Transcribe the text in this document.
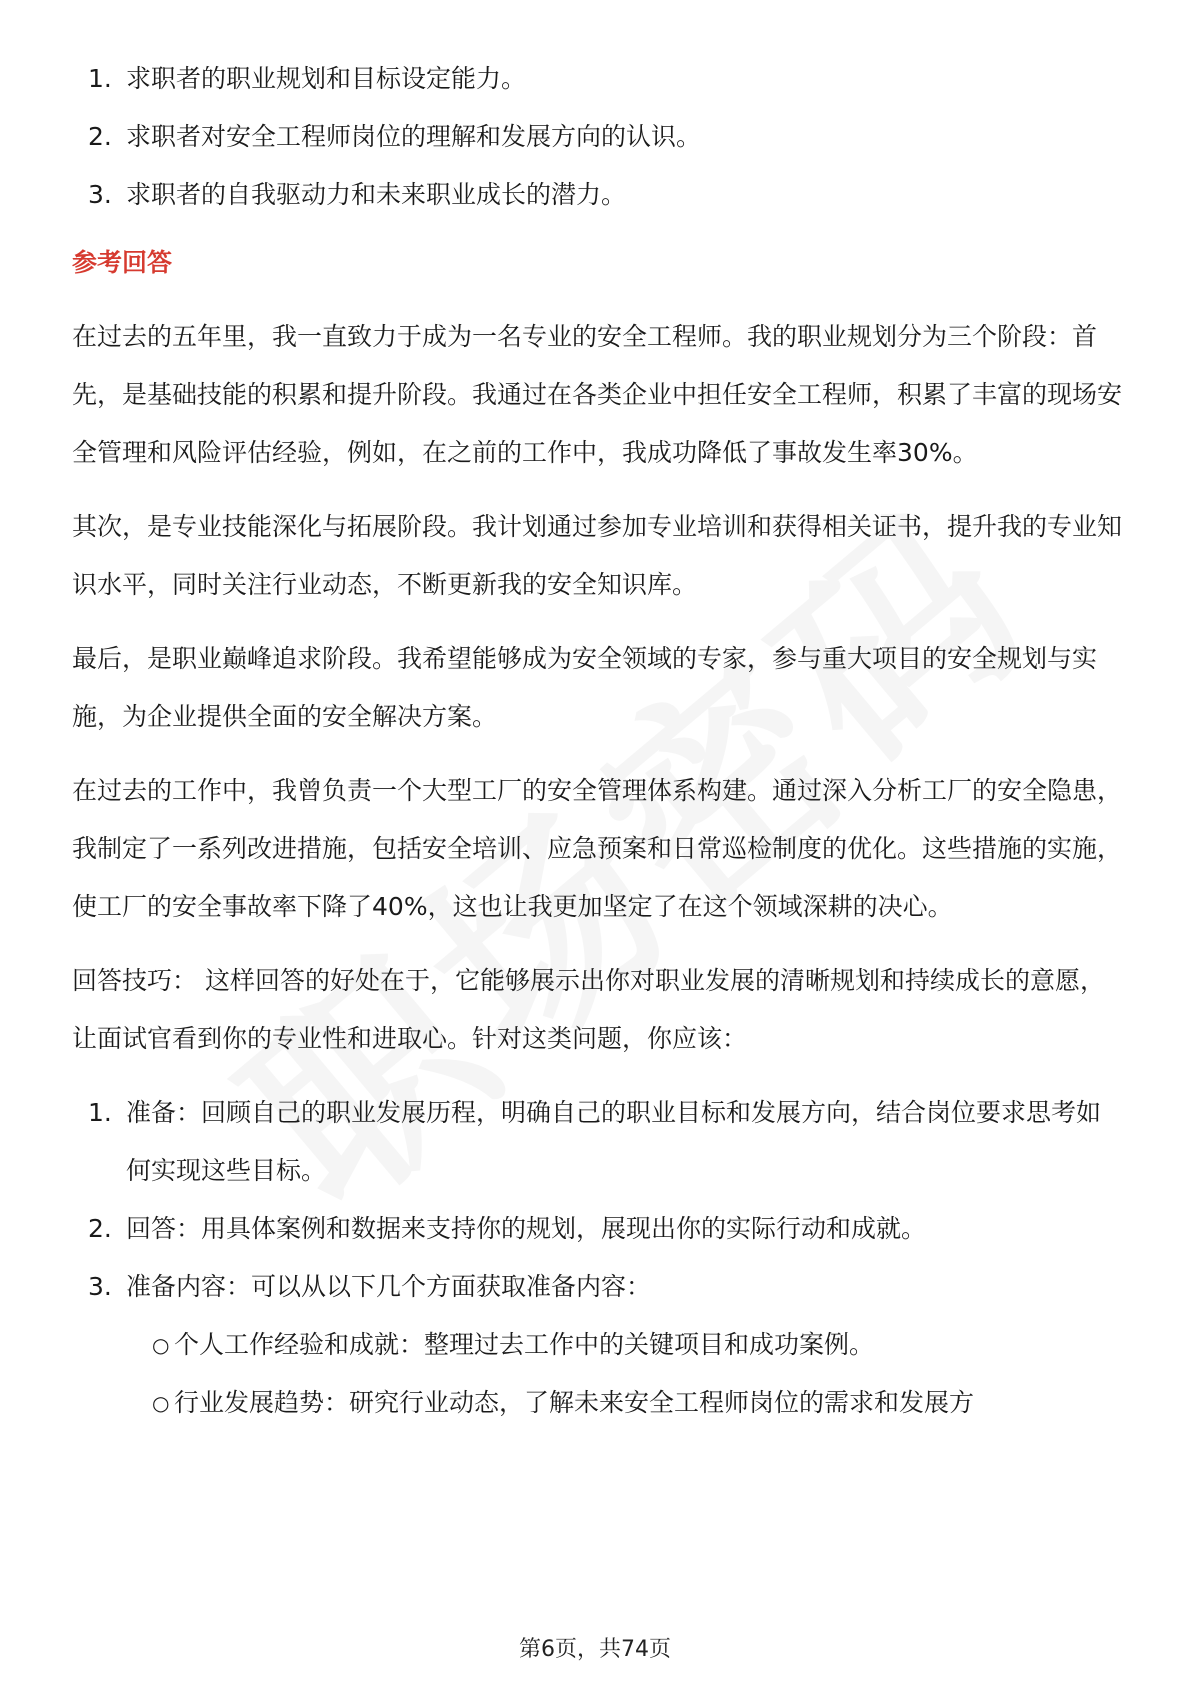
1. 求职者的职业规划和目标设定能力。
2. 求职者对安全工程师岗位的理解和发展方向的认识。
3. 求职者的自我驱动力和未来职业成长的潜力。
参考回答
在过去的五年里，我一直致力于成为一名专业的安全工程师。我的职业规划分为三个阶段：首先，是基础技能的积累和提升阶段。我通过在各类企业中担任安全工程师，积累了丰富的现场安全管理和风险评估经验，例如，在之前的工作中，我成功降低了事故发生率30%。
其次，是专业技能深化与拓展阶段。我计划通过参加专业培训和获得相关证书，提升我的专业知识水平，同时关注行业动态，不断更新我的安全知识库。
最后，是职业巅峰追求阶段。我希望能够成为安全领域的专家，参与重大项目的安全规划与实施，为企业提供全面的安全解决方案。
在过去的工作中，我曾负责一个大型工厂的安全管理体系构建。通过深入分析工厂的安全隐患，我制定了一系列改进措施，包括安全培训、应急预案和日常巡检制度的优化。这些措施的实施，使工厂的安全事故率下降了40%，这也让我更加坚定了在这个领域深耕的决心。
回答技巧： 这样回答的好处在于，它能够展示出你对职业发展的清晰规划和持续成长的意愿，让面试官看到你的专业性和进取心。针对这类问题，你应该：
1. 准备：回顾自己的职业发展历程，明确自己的职业目标和发展方向，结合岗位要求思考如何实现这些目标。
2. 回答：用具体案例和数据来支持你的规划，展现出你的实际行动和成就。
3. 准备内容：可以从以下几个方面获取准备内容：
○ 个人工作经验和成就：整理过去工作中的关键项目和成功案例。
○ 行业发展趋势：研究行业动态，了解未来安全工程师岗位的需求和发展方
第6页，共74页
